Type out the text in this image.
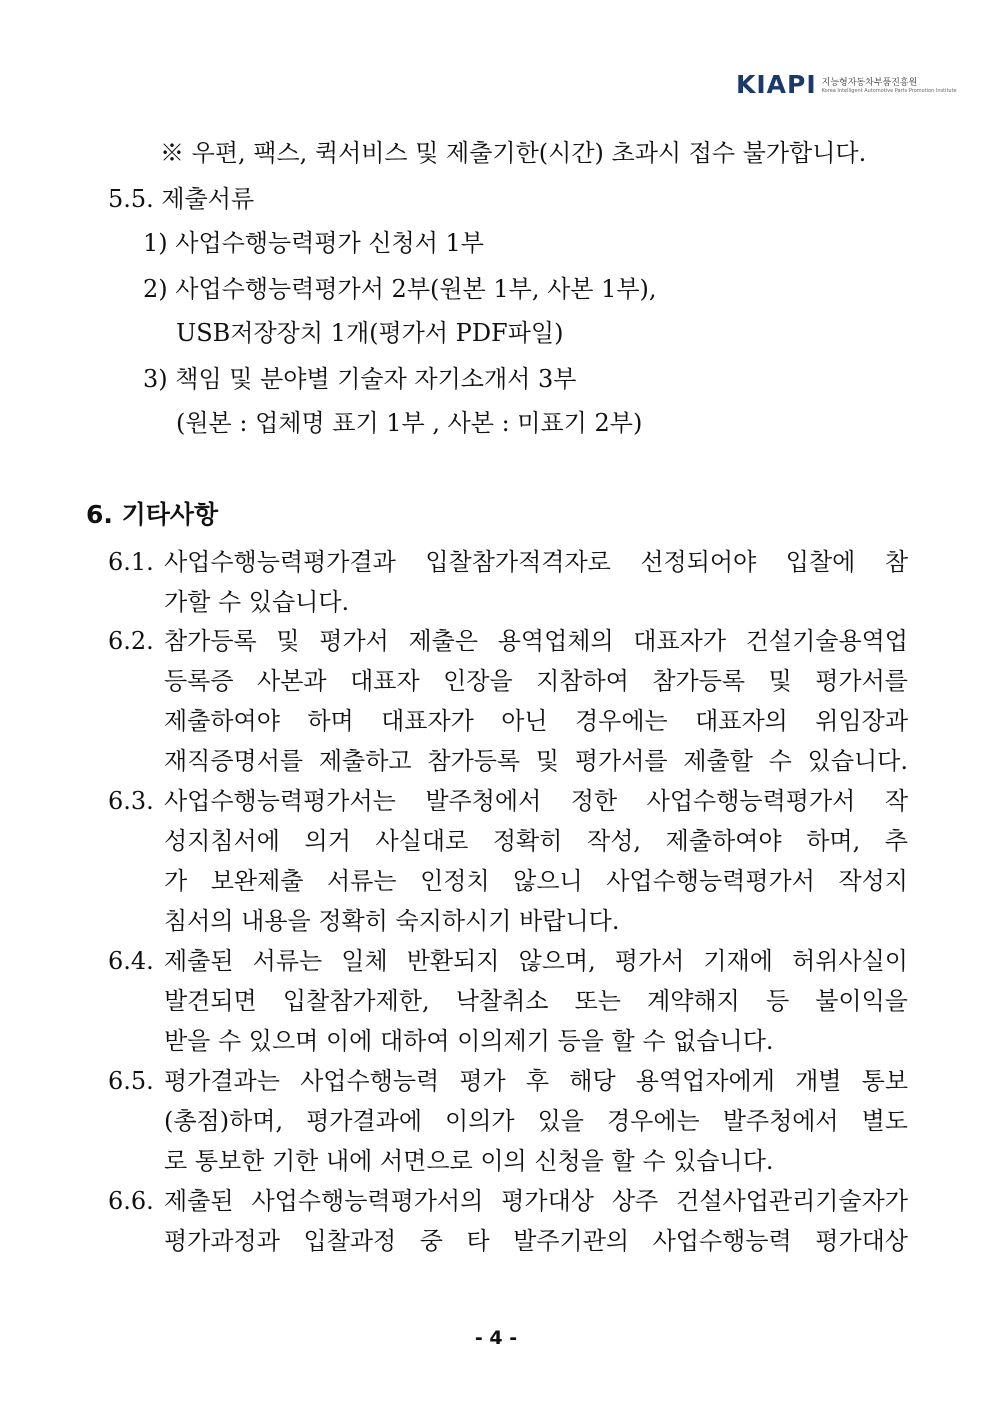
KIAPI 지능형자동차부품진흥원
Korea Intelligent Automotive Parts Promotion Institute
※ 우편, 팩스, 퀵서비스 및 제출기한(시간) 초과시 접수 불가합니다.
5.5. 제출서류
1) 사업수행능력평가 신청서 1부
2) 사업수행능력평가서 2부(원본 1부, 사본 1부),
USB저장장치 1개(평가서 PDF파일)
3) 책임 및 분야별 기술자 자기소개서 3부
(원본 : 업체명 표기 1부 , 사본 : 미표기 2부)
6. 기타사항
6.1. 사업수행능력평가결과 입찰참가적격자로 선정되어야 입찰에 참
가할 수 있습니다.
6.2. 참가등록 및 평가서 제출은 용역업체의 대표자가 건설기술용역업
등록증 사본과 대표자 인장을 지참하여 참가등록 및 평가서를
제출하여야 하며 대표자가 아닌 경우에는 대표자의 위임장과
재직증명서를 제출하고 참가등록 및 평가서를 제출할 수 있습니다.
6.3. 사업수행능력평가서는 발주청에서 정한 사업수행능력평가서 작
성지침서에 의거 사실대로 정확히 작성, 제출하여야 하며, 추
가 보완제출 서류는 인정치 않으니 사업수행능력평가서 작성지
침서의 내용을 정확히 숙지하시기 바랍니다.
6.4. 제출된 서류는 일체 반환되지 않으며, 평가서 기재에 허위사실이
발견되면 입찰참가제한, 낙찰취소 또는 계약해지 등 불이익을
받을 수 있으며 이에 대하여 이의제기 등을 할 수 없습니다.
6.5. 평가결과는 사업수행능력 평가 후 해당 용역업자에게 개별 통보
(총점)하며, 평가결과에 이의가 있을 경우에는 발주청에서 별도
로 통보한 기한 내에 서면으로 이의 신청을 할 수 있습니다.
6.6. 제출된 사업수행능력평가서의 평가대상 상주 건설사업관리기술자가
평가과정과 입찰과정 중 타 발주기관의 사업수행능력 평가대상
- 4 -
